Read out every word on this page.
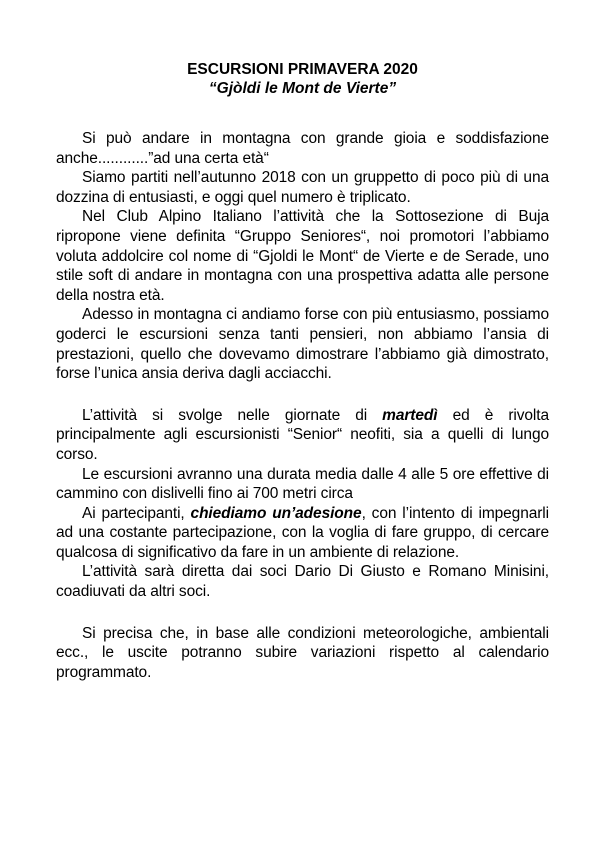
ESCURSIONI PRIMAVERA 2020

“Gjòldi le Mont de Vierte”

Si può andare in montagna con grande gioia e soddisfazione anche............”ad una certa età“

Siamo partiti nell’autunno 2018 con un gruppetto di poco più di una dozzina di entusiasti, e oggi quel numero è triplicato.

Nel Club Alpino Italiano l’attività che la Sottosezione di Buja ripropone viene definita “Gruppo Seniores“, noi promotori l’abbiamo voluta addolcire col nome di “Gjoldi le Mont“ de Vierte e de Serade, uno stile soft di andare in montagna con una prospettiva adatta alle persone della nostra età.

Adesso in montagna ci andiamo forse con più entusiasmo, possiamo goderci le escursioni senza tanti pensieri, non abbiamo l’ansia di prestazioni, quello che dovevamo dimostrare l’abbiamo già dimostrato, forse l’unica ansia deriva dagli acciacchi.

L’attività si svolge nelle giornate di martedì ed è rivolta principalmente agli escursionisti “Senior“ neofiti, sia a quelli di lungo corso.

Le escursioni avranno una durata media dalle 4 alle 5 ore effettive di cammino con dislivelli fino ai 700 metri circa

Ai partecipanti, chiediamo un’adesione, con l’intento di impegnarli ad una costante partecipazione, con la voglia di fare gruppo, di cercare qualcosa di significativo da fare in un ambiente di relazione.

L’attività sarà diretta dai soci Dario Di Giusto e Romano Minisini, coadiuvati da altri soci.

Si precisa che, in base alle condizioni meteorologiche, ambientali ecc., le uscite potranno subire variazioni rispetto al calendario programmato.
